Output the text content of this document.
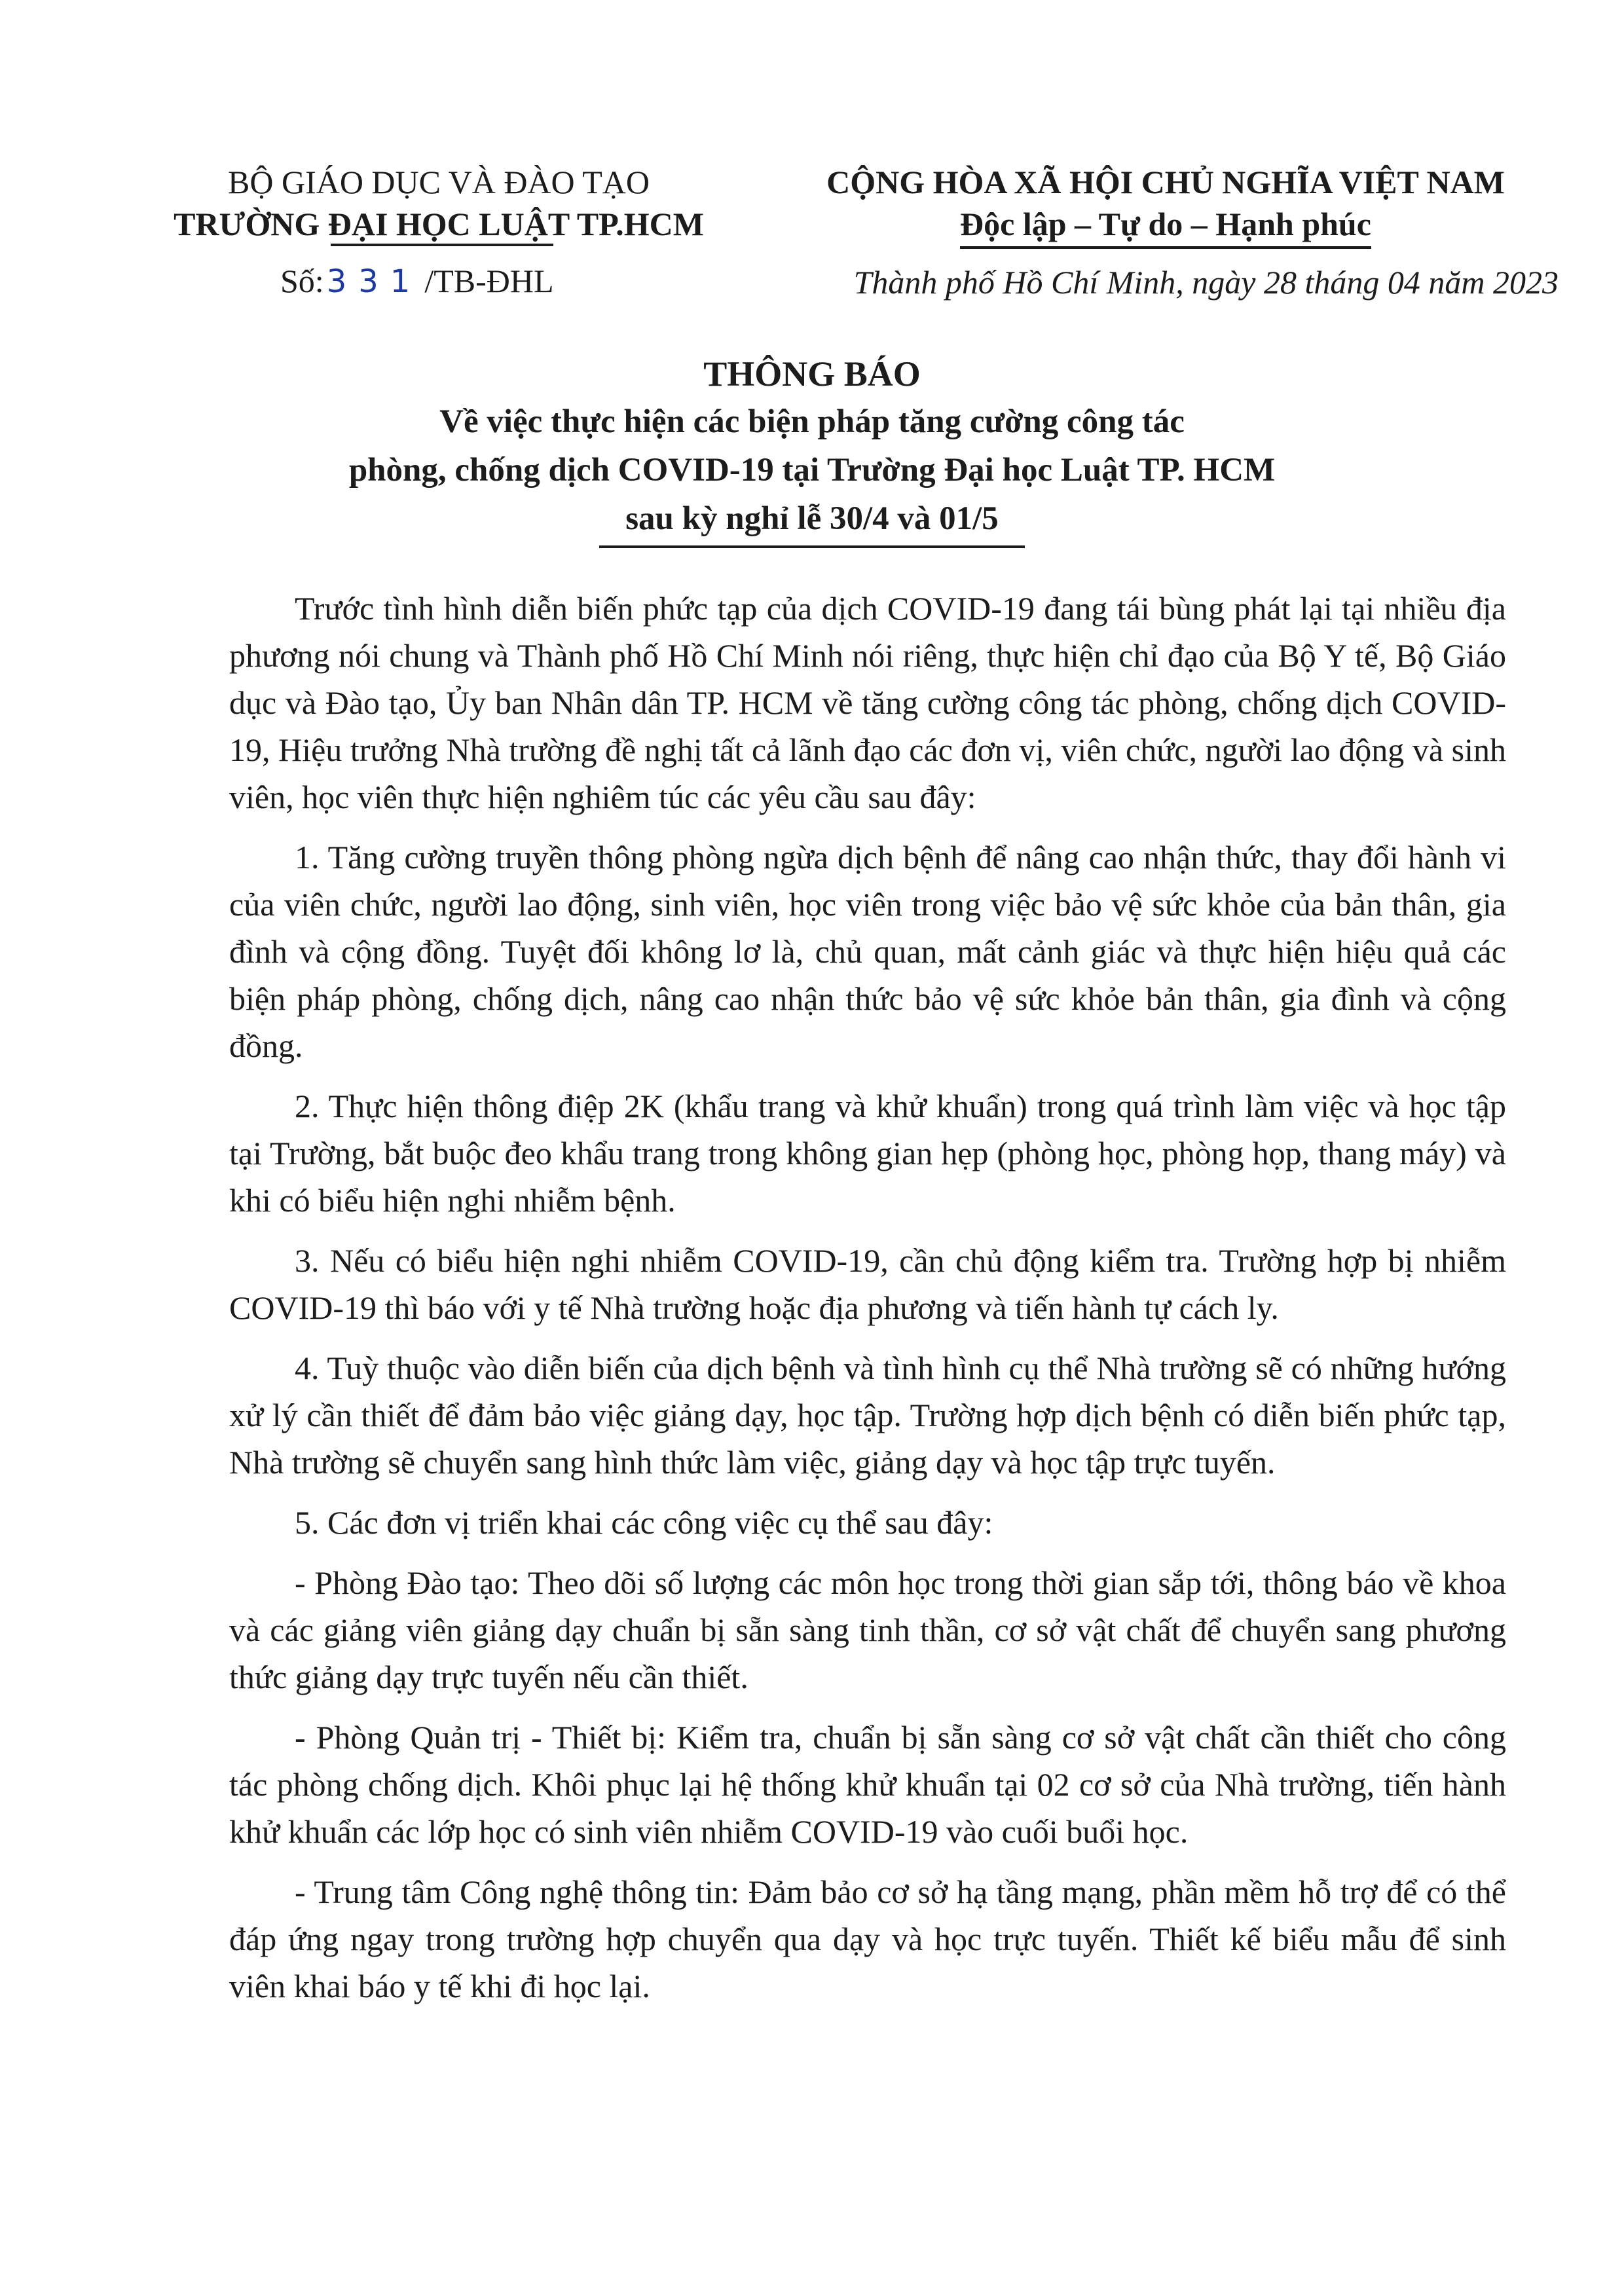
BỘ GIÁO DỤC VÀ ĐÀO TẠO
TRƯỜNG ĐẠI HỌC LUẬT TP.HCM
Số:331/TB-ĐHL
CỘNG HÒA XÃ HỘI CHỦ NGHĨA VIỆT NAM
Độc lập – Tự do – Hạnh phúc
Thành phố Hồ Chí Minh, ngày 28 tháng 04 năm 2023
THÔNG BÁO
Về việc thực hiện các biện pháp tăng cường công tác
phòng, chống dịch COVID-19 tại Trường Đại học Luật TP. HCM
sau kỳ nghỉ lễ 30/4 và 01/5

Trước tình hình diễn biến phức tạp của dịch COVID-19 đang tái bùng phát lại tại nhiều địa phương nói chung và Thành phố Hồ Chí Minh nói riêng, thực hiện chỉ đạo của Bộ Y tế, Bộ Giáo dục và Đào tạo, Ủy ban Nhân dân TP. HCM về tăng cường công tác phòng, chống dịch COVID-19, Hiệu trưởng Nhà trường đề nghị tất cả lãnh đạo các đơn vị, viên chức, người lao động và sinh viên, học viên thực hiện nghiêm túc các yêu cầu sau đây:

1. Tăng cường truyền thông phòng ngừa dịch bệnh để nâng cao nhận thức, thay đổi hành vi của viên chức, người lao động, sinh viên, học viên trong việc bảo vệ sức khỏe của bản thân, gia đình và cộng đồng. Tuyệt đối không lơ là, chủ quan, mất cảnh giác và thực hiện hiệu quả các biện pháp phòng, chống dịch, nâng cao nhận thức bảo vệ sức khỏe bản thân, gia đình và cộng đồng.

2. Thực hiện thông điệp 2K (khẩu trang và khử khuẩn) trong quá trình làm việc và học tập tại Trường, bắt buộc đeo khẩu trang trong không gian hẹp (phòng học, phòng họp, thang máy) và khi có biểu hiện nghi nhiễm bệnh.

3. Nếu có biểu hiện nghi nhiễm COVID-19, cần chủ động kiểm tra. Trường hợp bị nhiễm COVID-19 thì báo với y tế Nhà trường hoặc địa phương và tiến hành tự cách ly.

4. Tuỳ thuộc vào diễn biến của dịch bệnh và tình hình cụ thể Nhà trường sẽ có những hướng xử lý cần thiết để đảm bảo việc giảng dạy, học tập. Trường hợp dịch bệnh có diễn biến phức tạp, Nhà trường sẽ chuyển sang hình thức làm việc, giảng dạy và học tập trực tuyến.

5. Các đơn vị triển khai các công việc cụ thể sau đây:

- Phòng Đào tạo: Theo dõi số lượng các môn học trong thời gian sắp tới, thông báo về khoa và các giảng viên giảng dạy chuẩn bị sẵn sàng tinh thần, cơ sở vật chất để chuyển sang phương thức giảng dạy trực tuyến nếu cần thiết.

- Phòng Quản trị - Thiết bị: Kiểm tra, chuẩn bị sẵn sàng cơ sở vật chất cần thiết cho công tác phòng chống dịch. Khôi phục lại hệ thống khử khuẩn tại 02 cơ sở của Nhà trường, tiến hành khử khuẩn các lớp học có sinh viên nhiễm COVID-19 vào cuối buổi học.

- Trung tâm Công nghệ thông tin: Đảm bảo cơ sở hạ tầng mạng, phần mềm hỗ trợ để có thể đáp ứng ngay trong trường hợp chuyển qua dạy và học trực tuyến. Thiết kế biểu mẫu để sinh viên khai báo y tế khi đi học lại.
